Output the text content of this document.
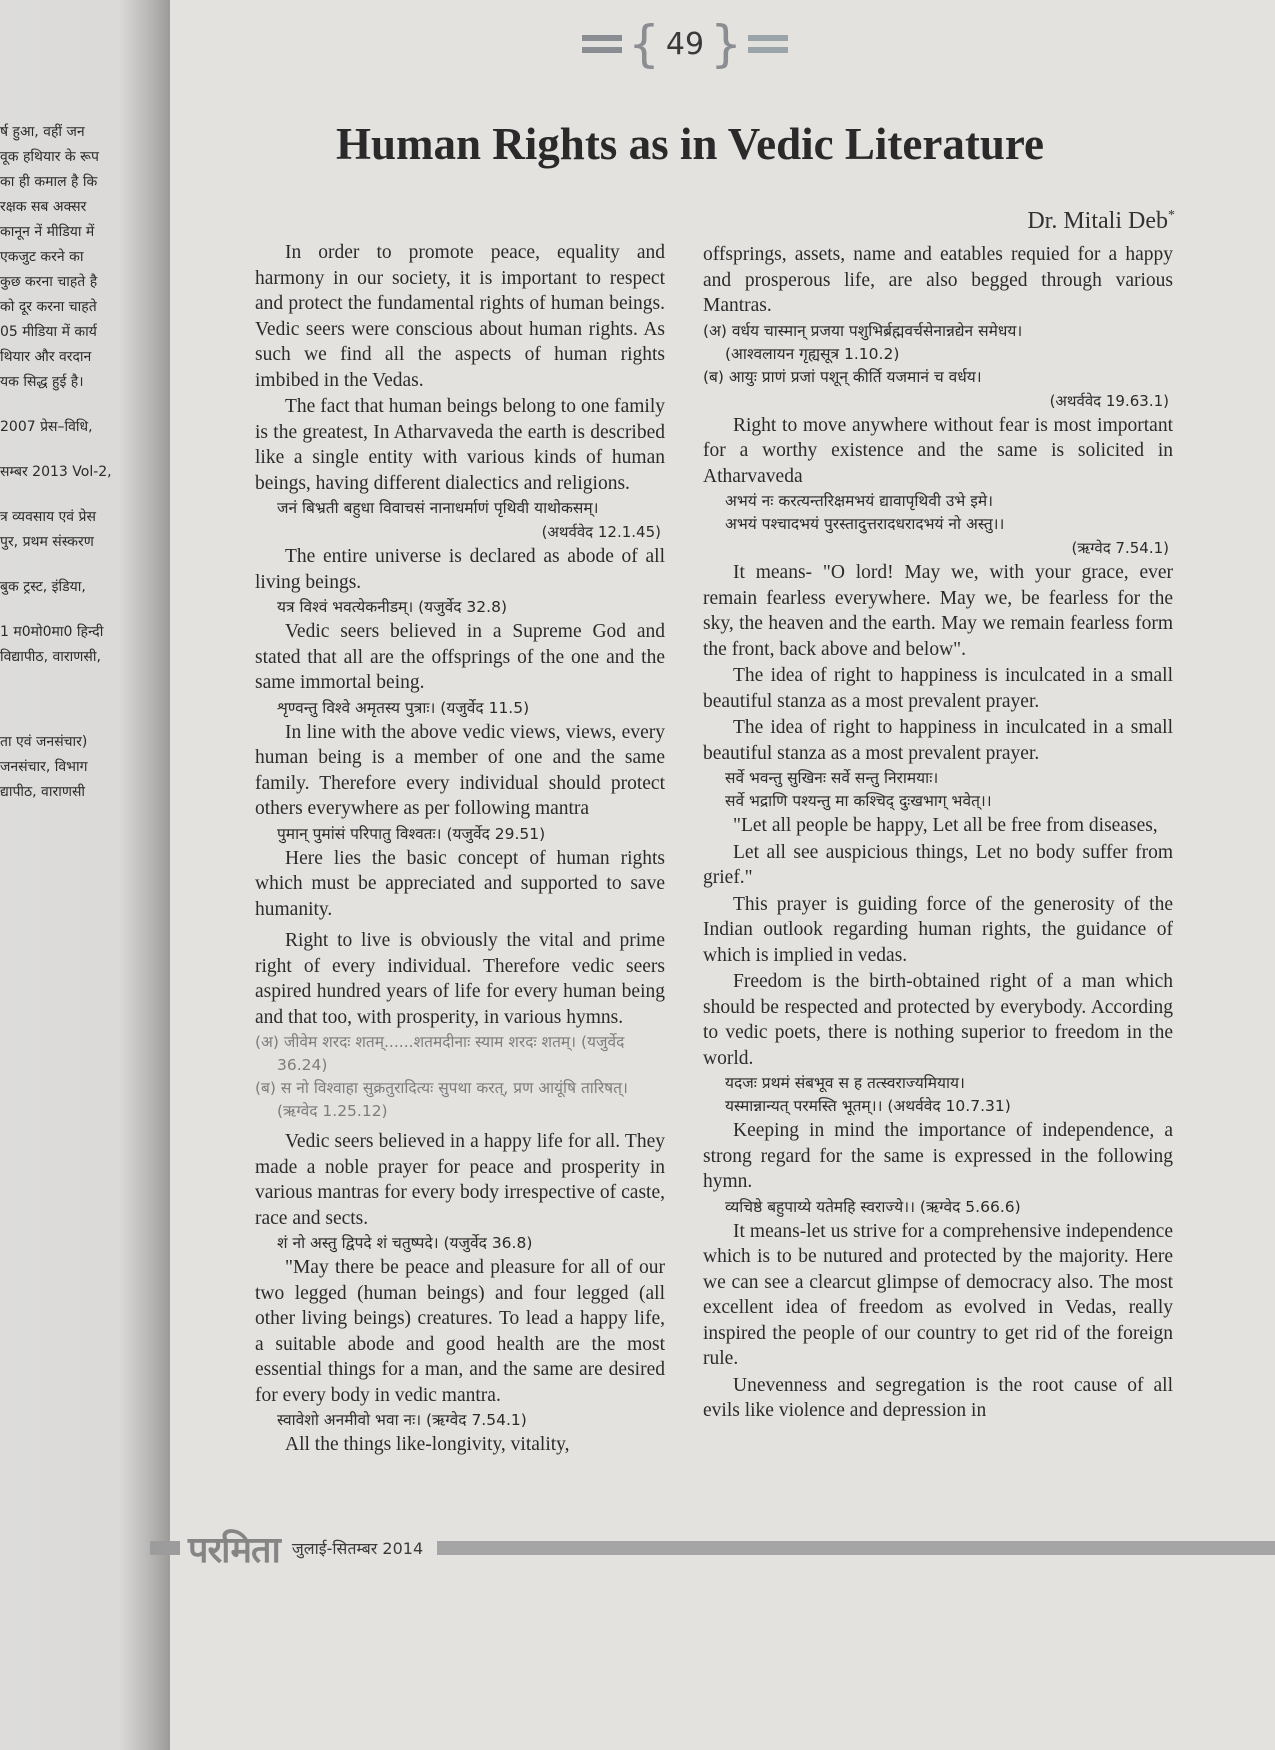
र्ष हुआ, वहीं जन
वूक हथियार के रूप
का ही कमाल है कि
रक्षक सब अक्सर
कानून नें मीडिया में
एकजुट करने का
कुछ करना चाहते है
को दूर करना चाहते
05 मीडिया में कार्य
थियार और वरदान
यक सिद्ध हुई है।
2007 प्रेस–विधि,
सम्बर 2013 Vol-2,
त्र व्यवसाय एवं प्रेस
पुर, प्रथम संस्करण
बुक ट्रस्ट, इंडिया,
1 म0मो0मा0 हिन्दी
विद्यापीठ, वाराणसी,
ता एवं जनसंचार)
जनसंचार, विभाग
द्यापीठ, वाराणसी
{ 49 }
Human Rights as in Vedic Literature
Dr. Mitali Deb*

In order to promote peace, equality and harmony in our society, it is important to respect and protect the fundamental rights of human beings. Vedic seers were conscious about human rights. As such we find all the aspects of human rights imbibed in the Vedas.

The fact that human beings belong to one family is the greatest, In Atharvaveda the earth is described like a single entity with various kinds of human beings, having different dialectics and religions.

जनं बिभ्रती बहुधा विवाचसं नानाधर्माणं पृथिवी याथोकसम्।
(अथर्ववेद 12.1.45)

The entire universe is declared as abode of all living beings.

यत्र विश्वं भवत्येकनीडम्। (यजुर्वेद 32.8)

Vedic seers believed in a Supreme God and stated that all are the offsprings of the one and the same immortal being.

शृण्वन्तु विश्वे अमृतस्य पुत्राः। (यजुर्वेद 11.5)

In line with the above vedic views, views, every human being is a member of one and the same family. Therefore every individual should protect others everywhere as per following mantra

पुमान् पुमांसं परिपातु विश्वतः। (यजुर्वेद 29.51)

Here lies the basic concept of human rights which must be appreciated and supported to save humanity.

Right to live is obviously the vital and prime right of every individual. Therefore vedic seers aspired hundred years of life for every human being and that too, with prosperity, in various hymns.

(अ) जीवेम शरदः शतम्......शतमदीनाः स्याम शरदः शतम्। (यजुर्वेद
36.24)
(ब) स नो विश्वाहा सुक्रतुरादित्यः सुपथा करत्, प्रण आयूंषि तारिषत्।
(ऋग्वेद 1.25.12)

Vedic seers believed in a happy life for all. They made a noble prayer for peace and prosperity in various mantras for every body irrespective of caste, race and sects.

शं नो अस्तु द्विपदे शं चतुष्पदे। (यजुर्वेद 36.8)

"May there be peace and pleasure for all of our two legged (human beings) and four legged (all other living beings) creatures. To lead a happy life, a suitable abode and good health are the most essential things for a man, and the same are desired for every body in vedic mantra.

स्वावेशो अनमीवो भवा नः। (ऋग्वेद 7.54.1)

All the things like-longivity, vitality,

offsprings, assets, name and eatables requied for a happy and prosperous life, are also begged through various Mantras.

(अ) वर्धय चास्मान् प्रजया पशुभिर्ब्रह्मवर्चसेनान्नद्येन समेधय।
(आश्वलायन गृह्यसूत्र 1.10.2)
(ब) आयुः प्राणं प्रजां पशून् कीर्ति यजमानं च वर्धय।
(अथर्ववेद 19.63.1)

Right to move anywhere without fear is most important for a worthy existence and the same is solicited in Atharvaveda

अभयं नः करत्यन्तरिक्षमभयं द्यावापृथिवी उभे इमे।
अभयं पश्चादभयं पुरस्तादुत्तरादधरादभयं नो अस्तु।।
(ऋग्वेद 7.54.1)

It means- "O lord! May we, with your grace, ever remain fearless everywhere. May we, be fearless for the sky, the heaven and the earth. May we remain fearless form the front, back above and below".

The idea of right to happiness is inculcated in a small beautiful stanza as a most prevalent prayer.

The idea of right to happiness in inculcated in a small beautiful stanza as a most prevalent prayer.

सर्वे भवन्तु सुखिनः सर्वे सन्तु निरामयाः।
सर्वे भद्राणि पश्यन्तु मा कश्चिद् दुःखभाग् भवेत्।।

"Let all people be happy, Let all be free from diseases,

Let all see auspicious things, Let no body suffer from grief."

This prayer is guiding force of the generosity of the Indian outlook regarding human rights, the guidance of which is implied in vedas.

Freedom is the birth-obtained right of a man which should be respected and protected by everybody. According to vedic poets, there is nothing superior to freedom in the world.

यदजः प्रथमं संबभूव स ह तत्स्वराज्यमियाय।
यस्मान्नान्यत् परमस्ति भूतम्।। (अथर्ववेद 10.7.31)

Keeping in mind the importance of independence, a strong regard for the same is expressed in the following hymn.

व्यचिष्ठे बहुपाय्ये यतेमहि स्वराज्ये।। (ऋग्वेद 5.66.6)

It means-let us strive for a comprehensive independence which is to be nutured and protected by the majority. Here we can see a clearcut glimpse of democracy also. The most excellent idea of freedom as evolved in Vedas, really inspired the people of our country to get rid of the foreign rule.

Unevenness and segregation is the root cause of all evils like violence and depression in

परमिता जुलाई-सितम्बर 2014
